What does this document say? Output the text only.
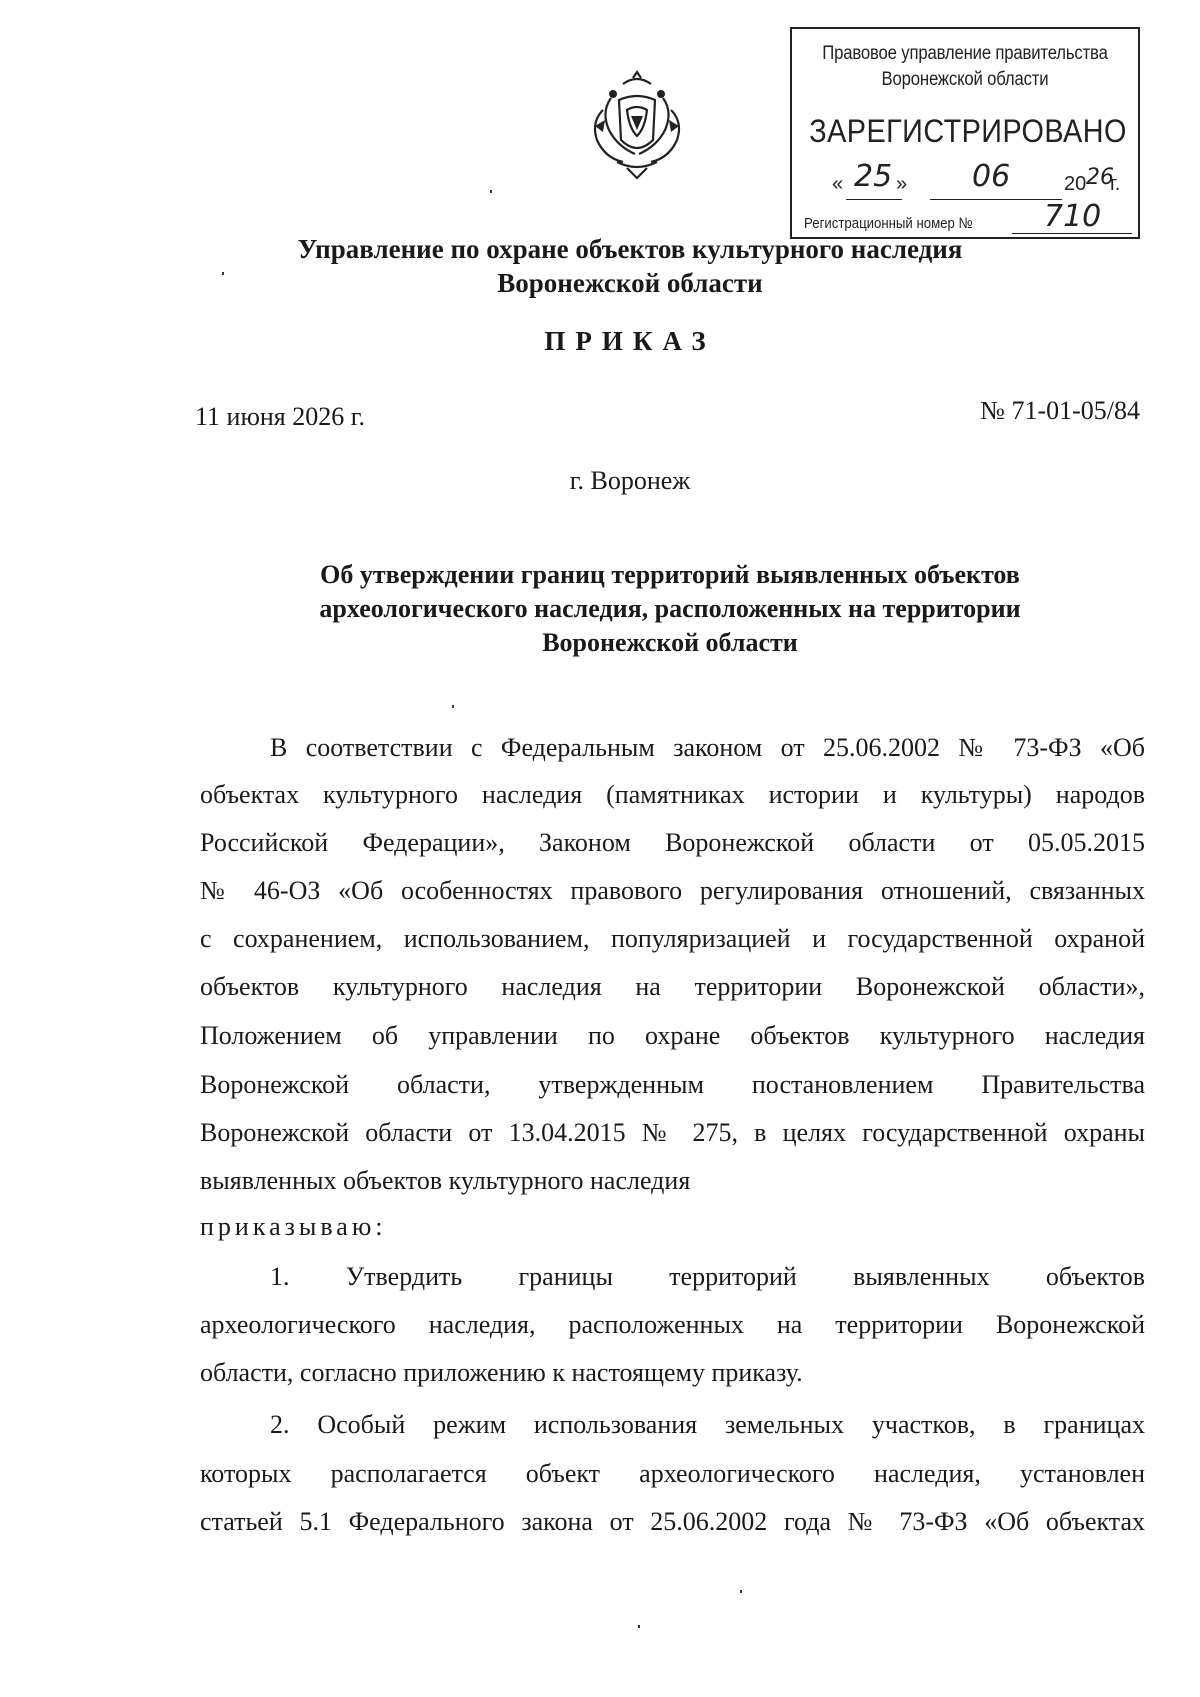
Правовое управление правительства
Воронежской области
ЗАРЕГИСТРИРОВАНО
« 25 » 06	20 26
г.
Регистрационный номер № 710
Управление по охране объектов культурного наследия
Воронежской области
ПРИКАЗ
11 июня 2026 г.	№ 71-01-05/84
г. Воронеж
Об утверждении границ территорий выявленных объектов
археологического наследия, расположенных на территории
Воронежской области
В соответствии с Федеральным законом от 25.06.2002 № 73-ФЗ «Об
объектах культурного наследия (памятниках истории и культуры) народов
Российской Федерации», Законом Воронежской области от 05.05.2015
№ 46-ОЗ «Об особенностях правового регулирования отношений, связанных
с сохранением, использованием, популяризацией и государственной охраной
объектов культурного наследия на территории Воронежской области»,
Положением об управлении по охране объектов культурного наследия
Воронежской области, утвержденным постановлением Правительства
Воронежской области от 13.04.2015 № 275, в целях государственной охраны
выявленных объектов культурного наследия
приказываю:
1. Утвердить границы территорий выявленных объектов
археологического наследия, расположенных на территории Воронежской
области, согласно приложению к настоящему приказу.
2. Особый режим использования земельных участков, в границах
которых располагается объект археологического наследия, установлен
статьей 5.1 Федерального закона от 25.06.2002 года № 73-ФЗ «Об объектах
